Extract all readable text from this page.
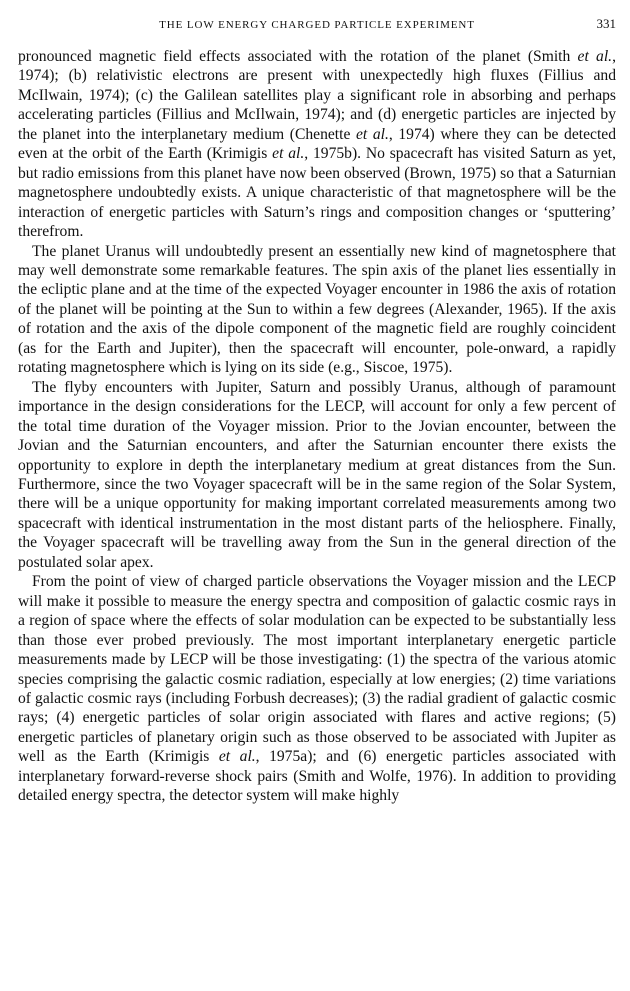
THE LOW ENERGY CHARGED PARTICLE EXPERIMENT	331

pronounced magnetic field effects associated with the rotation of the planet (Smith et al., 1974); (b) relativistic electrons are present with unexpectedly high fluxes (Fillius and McIlwain, 1974); (c) the Galilean satellites play a significant role in absorbing and perhaps accelerating particles (Fillius and McIlwain, 1974); and (d) energetic particles are injected by the planet into the interplanetary medium (Chenette et al., 1974) where they can be detected even at the orbit of the Earth (Krimigis et al., 1975b). No spacecraft has visited Saturn as yet, but radio emissions from this planet have now been observed (Brown, 1975) so that a Saturnian magnetosphere undoubtedly exists. A unique characteristic of that magnetosphere will be the interaction of energetic particles with Saturn’s rings and composition changes or ‘sputtering’ therefrom.

The planet Uranus will undoubtedly present an essentially new kind of magnetosphere that may well demonstrate some remarkable features. The spin axis of the planet lies essentially in the ecliptic plane and at the time of the expected Voyager encounter in 1986 the axis of rotation of the planet will be pointing at the Sun to within a few degrees (Alexander, 1965). If the axis of rotation and the axis of the dipole component of the magnetic field are roughly coincident (as for the Earth and Jupiter), then the spacecraft will encounter, pole-onward, a rapidly rotating magnetosphere which is lying on its side (e.g., Siscoe, 1975).

The flyby encounters with Jupiter, Saturn and possibly Uranus, although of paramount importance in the design considerations for the LECP, will account for only a few percent of the total time duration of the Voyager mission. Prior to the Jovian encounter, between the Jovian and the Saturnian encounters, and after the Saturnian encounter there exists the opportunity to explore in depth the interplanetary medium at great distances from the Sun. Furthermore, since the two Voyager spacecraft will be in the same region of the Solar System, there will be a unique opportunity for making important correlated measurements among two spacecraft with identical instrumentation in the most distant parts of the heliosphere. Finally, the Voyager spacecraft will be travelling away from the Sun in the general direction of the postulated solar apex.

From the point of view of charged particle observations the Voyager mission and the LECP will make it possible to measure the energy spectra and composition of galactic cosmic rays in a region of space where the effects of solar modulation can be expected to be substantially less than those ever probed previously. The most important interplanetary energetic particle measurements made by LECP will be those investigating: (1) the spectra of the various atomic species comprising the galactic cosmic radiation, especially at low energies; (2) time variations of galactic cosmic rays (including Forbush decreases); (3) the radial gradient of galactic cosmic rays; (4) energetic particles of solar origin associated with flares and active regions; (5) energetic particles of planetary origin such as those observed to be associated with Jupiter as well as the Earth (Krimigis et al., 1975a); and (6) energetic particles associated with interplanetary forward-reverse shock pairs (Smith and Wolfe, 1976). In addition to providing detailed energy spectra, the detector system will make highly
